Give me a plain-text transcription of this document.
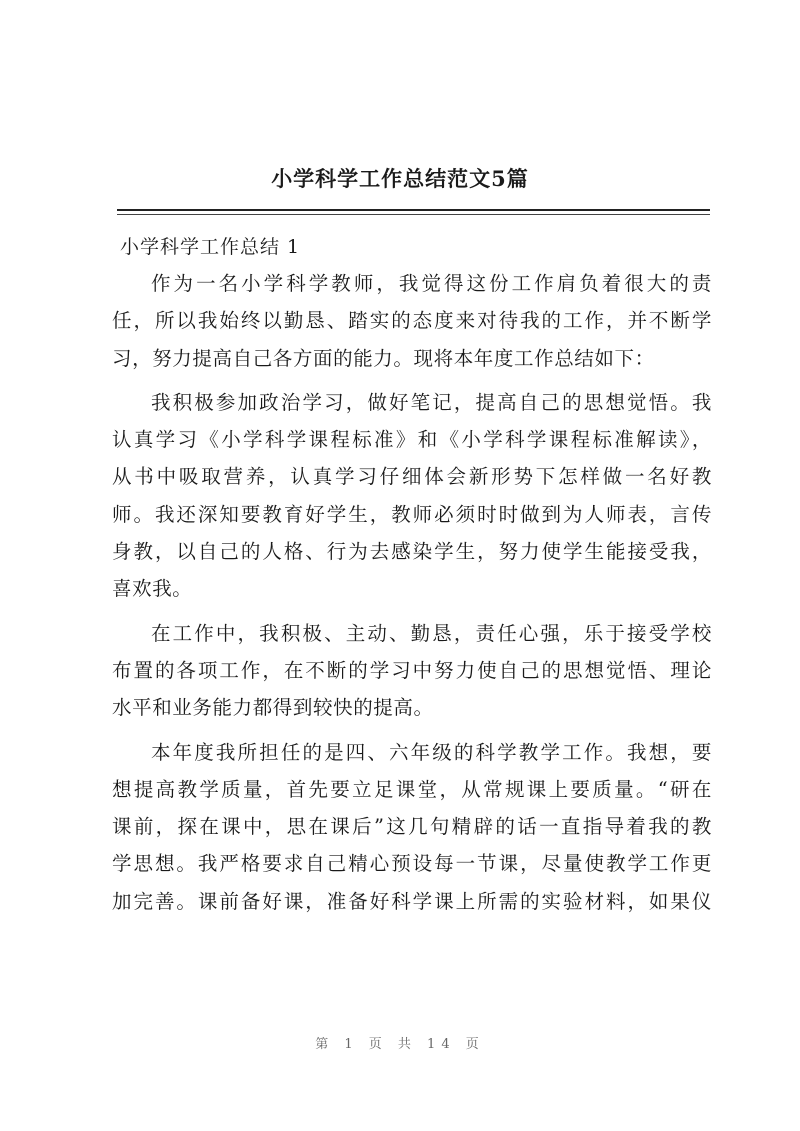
小学科学工作总结范文5篇
小学科学工作总结 1
作为一名小学科学教师，我觉得这份工作肩负着很大的责
任，所以我始终以勤恳、踏实的态度来对待我的工作，并不断学
习，努力提高自己各方面的能力。现将本年度工作总结如下：
我积极参加政治学习，做好笔记，提高自己的思想觉悟。我
认真学习《小学科学课程标准》和《小学科学课程标准解读》，
从书中吸取营养，认真学习仔细体会新形势下怎样做一名好教
师。我还深知要教育好学生，教师必须时时做到为人师表，言传
身教，以自己的人格、行为去感染学生，努力使学生能接受我，
喜欢我。
在工作中，我积极、主动、勤恳，责任心强，乐于接受学校
布置的各项工作，在不断的学习中努力使自己的思想觉悟、理论
水平和业务能力都得到较快的提高。
本年度我所担任的是四、六年级的科学教学工作。我想，要
想提高教学质量，首先要立足课堂，从常规课上要质量。“研在
课前，探在课中，思在课后”这几句精辟的话一直指导着我的教
学思想。我严格要求自己精心预设每一节课，尽量使教学工作更
加完善。课前备好课，准备好科学课上所需的实验材料，如果仪
第 1 页 共 14 页
